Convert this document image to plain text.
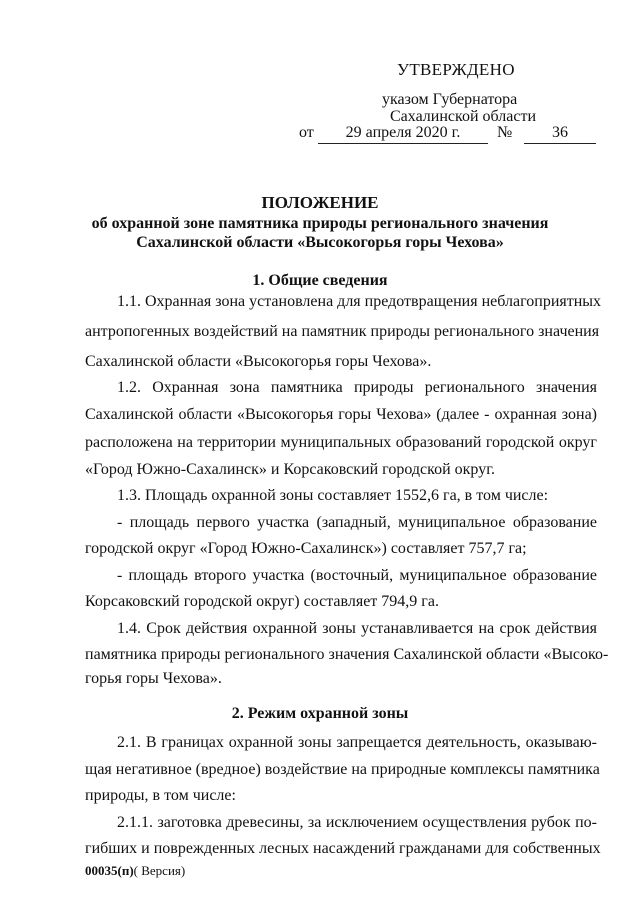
УТВЕРЖДЕНО
указом Губернатора
Сахалинской области
от	29 апреля 2020 г.	№	36
ПОЛОЖЕНИЕ
об охранной зоне памятника природы регионального значения
Сахалинской области «Высокогорья горы Чехова»
1. Общие сведения
1.1. Охранная зона установлена для предотвращения неблагоприятных
антропогенных воздействий на памятник природы регионального значения
Сахалинской области «Высокогорья горы Чехова».
1.2. Охранная зона памятника природы регионального значения
Сахалинской области «Высокогорья горы Чехова» (далее - охранная зона)
расположена на территории муниципальных образований городской округ
«Город Южно-Сахалинск» и Корсаковский городской округ.
1.3. Площадь охранной зоны составляет 1552,6 га, в том числе:
- площадь первого участка (западный, муниципальное образование
городской округ «Город Южно-Сахалинск») составляет 757,7 га;
- площадь второго участка (восточный, муниципальное образование
Корсаковский городской округ) составляет 794,9 га.
1.4. Срок действия охранной зоны устанавливается на срок действия
памятника природы регионального значения Сахалинской области «Высоко-
горья горы Чехова».
2. Режим охранной зоны
2.1. В границах охранной зоны запрещается деятельность, оказываю-
щая негативное (вредное) воздействие на природные комплексы памятника
природы, в том числе:
2.1.1. заготовка древесины, за исключением осуществления рубок по-
гибших и поврежденных лесных насаждений гражданами для собственных
00035(п)( Версия)
